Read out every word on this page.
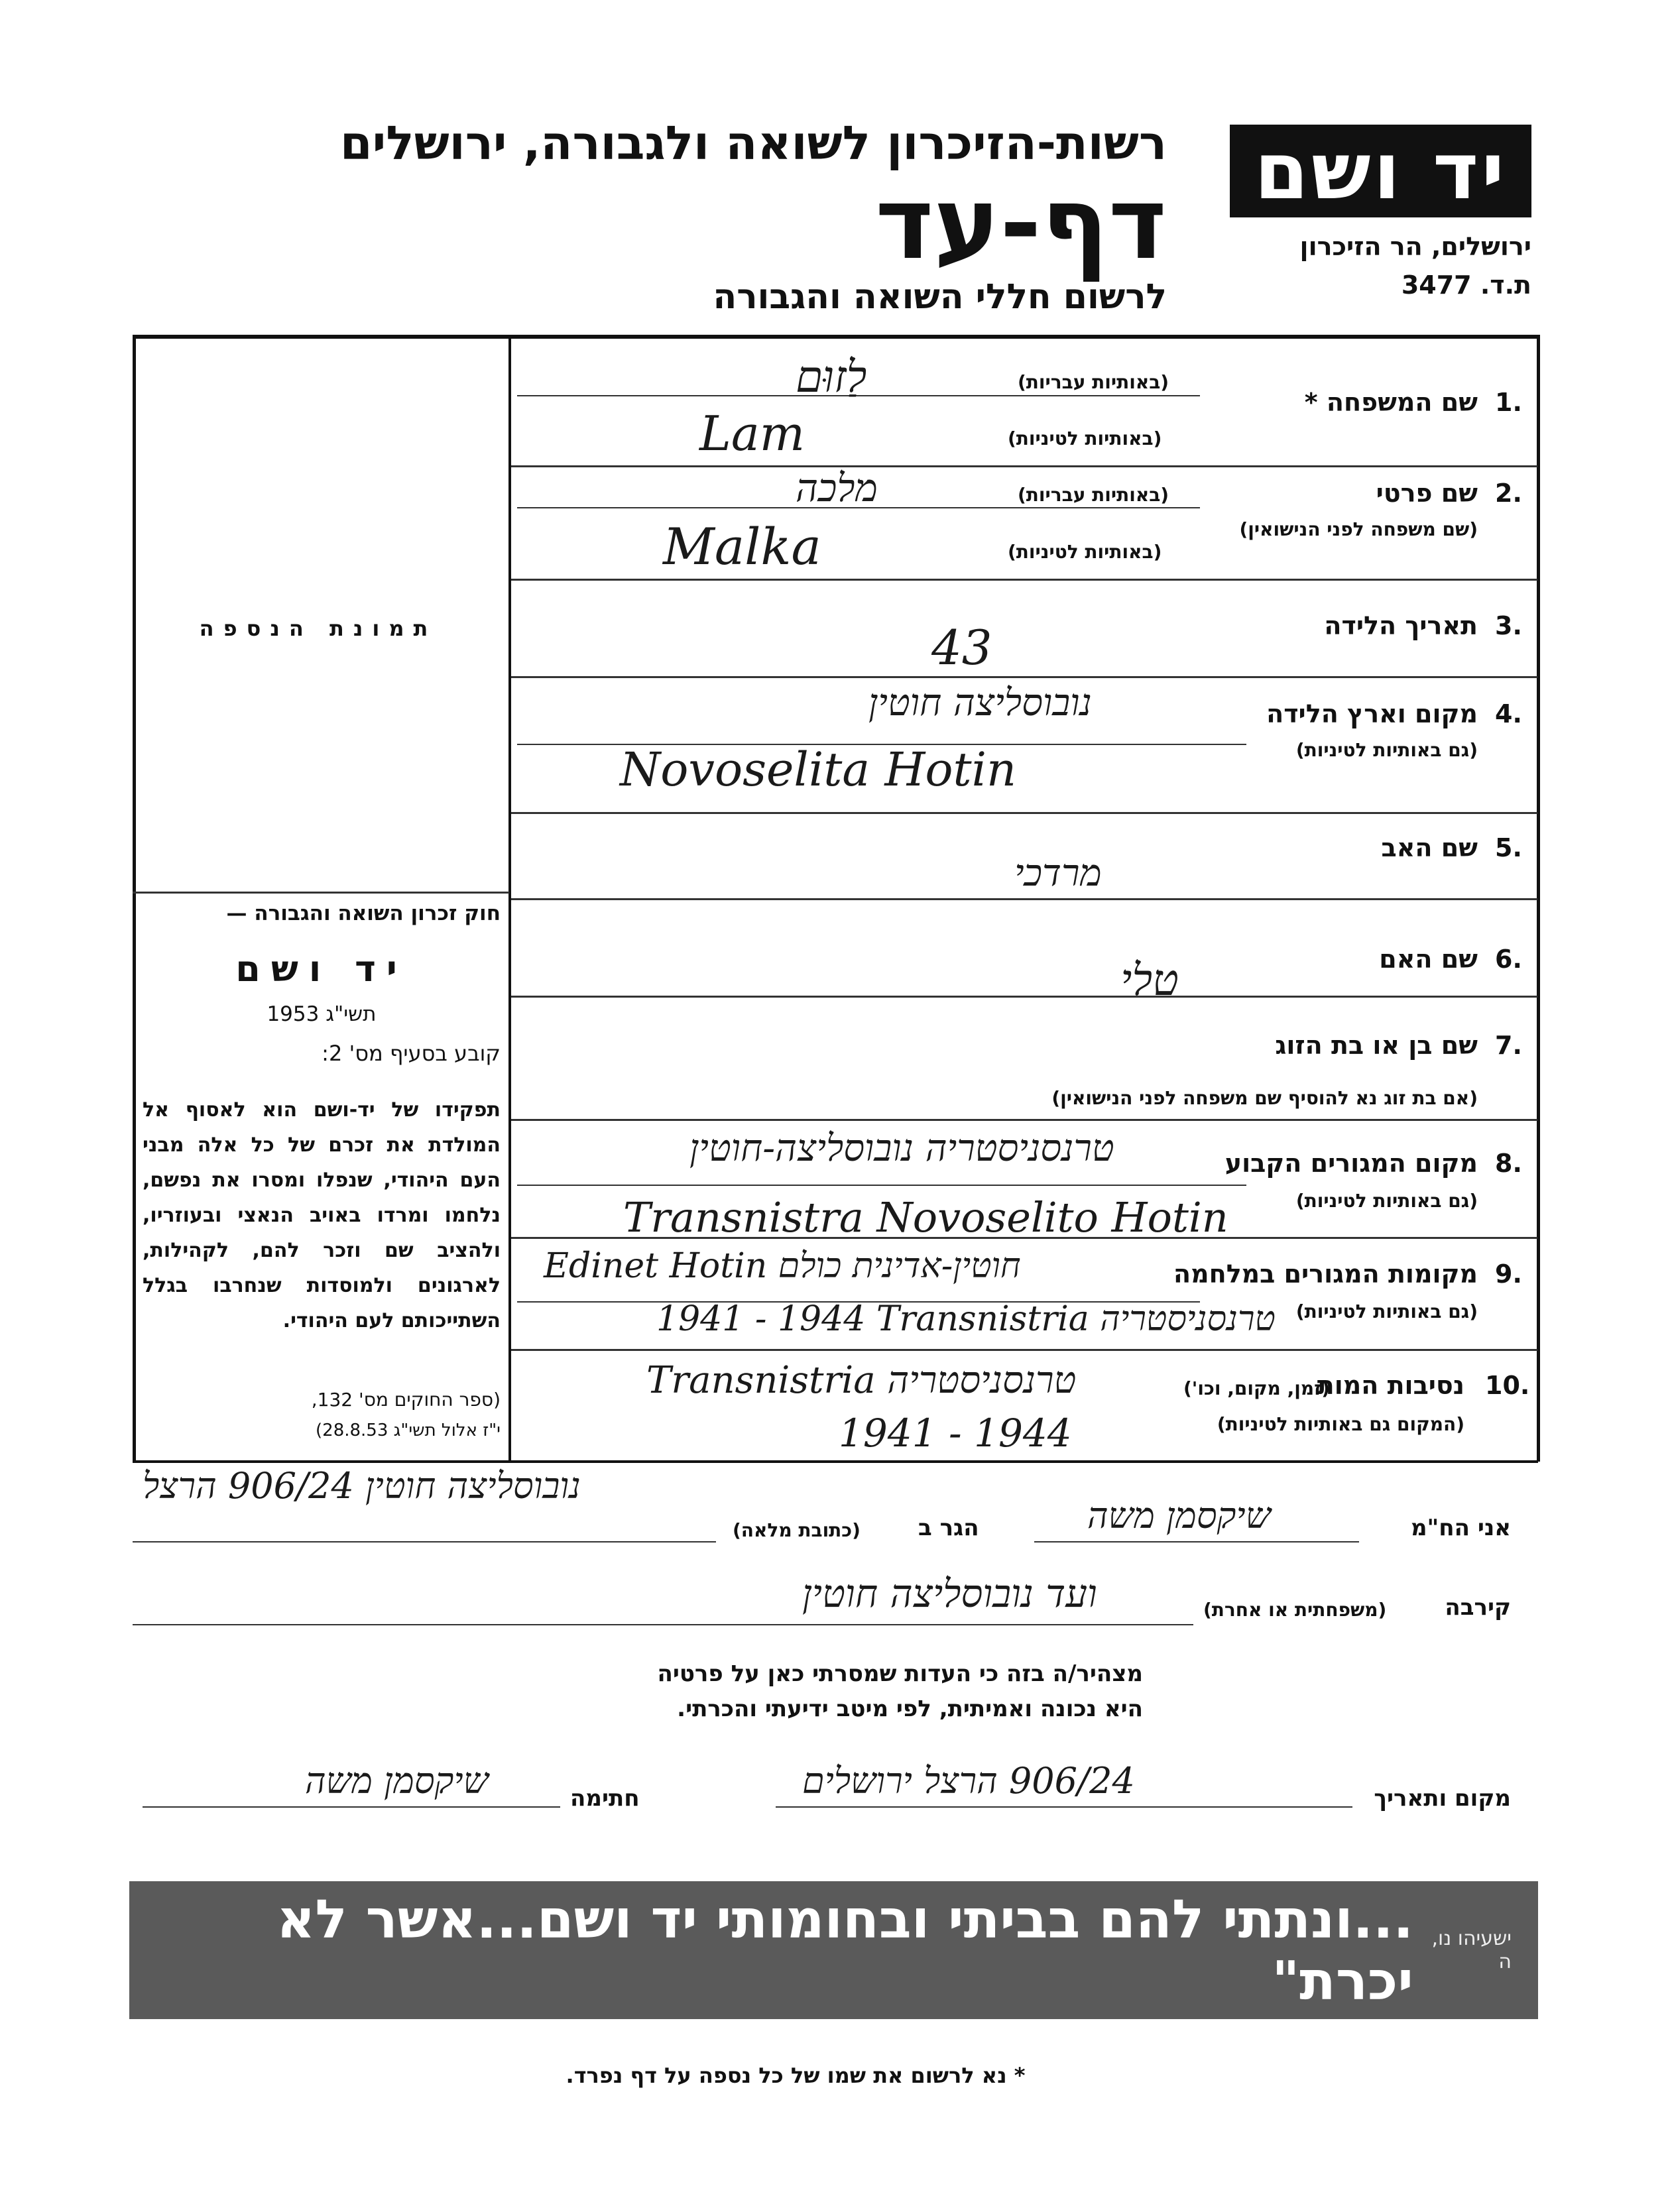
יד ושם
ירושלים, הר הזיכרון
ת.ד. 3477
רשות-הזיכרון לשואה ולגבורה, ירושלים
דף-עד
לרשום חללי השואה והגבורה
תמונת הנספה
חוק זכרון השואה והגבורה —
יד ושם
תשי"ג 1953
קובע בסעיף מס' 2:
תפקידו של יד-ושם הוא לאסוף אל המולדת את זכרם של כל אלה מבני העם היהודי, שנפלו ומסרו את נפשם, נלחמו ומרדו באויב הנאצי ובעוזריו, ולהציב שם וזכר להם, לקהילות, לארגונים ולמוסדות שנחרבו בגלל השתייכותם לעם היהודי.
(ספר החוקים מס' 132,
י"ז אלול תשי"ג 28.8.53)
1.
שם המשפחה *
(באותיות עבריות)
(באותיות לטיניות)
לַזוּם
Lam
2.
שם פרטי
(שם משפחה לפני הנישואין)
(באותיות עבריות)
(באותיות לטיניות)
מלכה
Malka
3.
תאריך הלידה
43
4.
מקום וארץ הלידה
(גם באותיות לטיניות)
נובוסליצה חוטין
Novoselita Hotin
5.
שם האב
מרדכי
6.
שם האם
טלי
7.
שם בן או בת הזוג
(אם בת זוג נא להוסיף שם משפחה לפני הנישואין)
8.
מקום המגורים הקבוע
(גם באותיות לטיניות)
טרנסניסטריה נובוסליצה-חוטין
Transnistra Novoselito Hotin
9.
מקומות המגורים במלחמה
(גם באותיות לטיניות)
Edinet Hotin חוטין-אדינית כולם
1941 - 1944 Transnistria טרנסניסטריה
10.
נסיבות המות
(זמן, מקום, וכו')
(המקום גם באותיות לטיניות)
Transnistria טרנסניסטריה
1941 - 1944
אני הח"מ
שיקסמן משה
הגר ב
(כתובת מלאה)
נובוסליצה חוטין 906/24 הרצל
קירבה
(משפחתית או אחרת)
ועד נובוסליצה חוטין
מצהיר/ה בזה כי העדות שמסרתי כאן על פרטיה
היא נכונה ואמיתית, לפי מיטב ידיעתי והכרתי.
מקום ותאריך
906/24 הרצל ירושלים
חתימה
שיקסמן משה
ישעיהו נו, ה
...ונתתי להם בביתי ובחומותי יד ושם...אשר לא יכרת"
* נא לרשום את שמו של כל נספה על דף נפרד.
